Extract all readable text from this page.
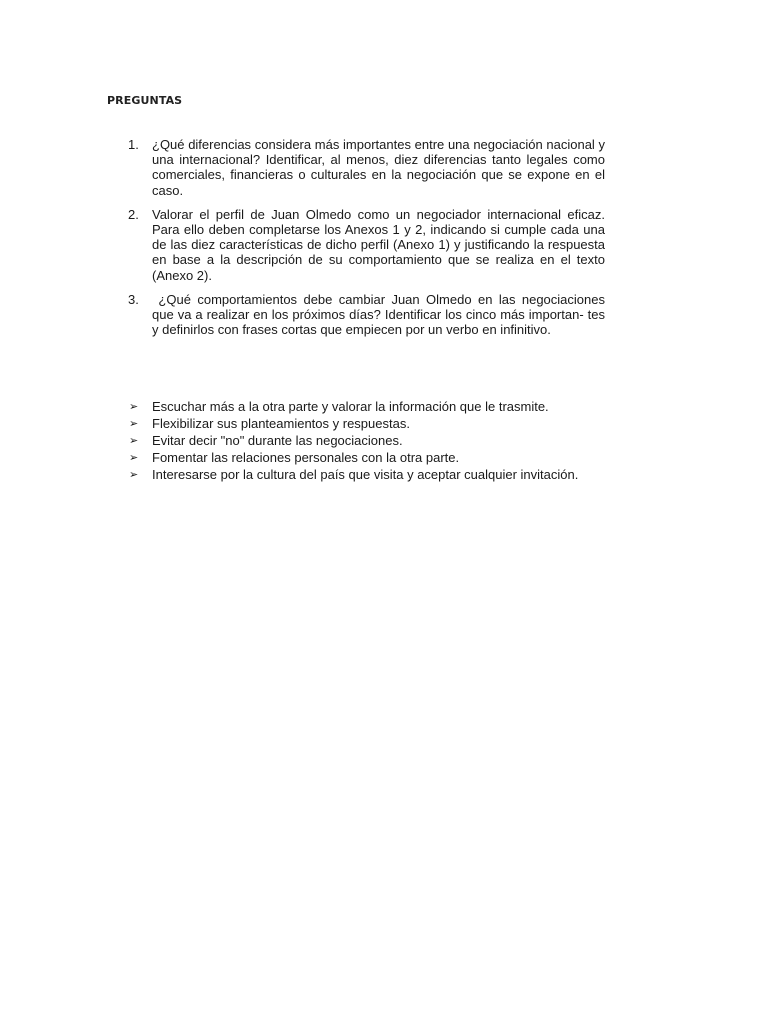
PREGUNTAS
1. ¿Qué diferencias considera más importantes entre una negociación nacional y una internacional? Identificar, al menos, diez diferencias tanto legales como comerciales, financieras o culturales en la negociación que se expone en el caso.
2. Valorar el perfil de Juan Olmedo como un negociador internacional eficaz. Para ello deben completarse los Anexos 1 y 2, indicando si cumple cada una de las diez características de dicho perfil (Anexo 1) y justificando la respuesta en base a la descripción de su comportamiento que se realiza en el texto (Anexo 2).
3. ¿Qué comportamientos debe cambiar Juan Olmedo en las negociaciones que va a realizar en los próximos días? Identificar los cinco más importan- tes y definirlos con frases cortas que empiecen por un verbo en infinitivo.
➢ Escuchar más a la otra parte y valorar la información que le trasmite.
➢ Flexibilizar sus planteamientos y respuestas.
➢ Evitar decir "no" durante las negociaciones.
➢ Fomentar las relaciones personales con la otra parte.
➢ Interesarse por la cultura del país que visita y aceptar cualquier invitación.
